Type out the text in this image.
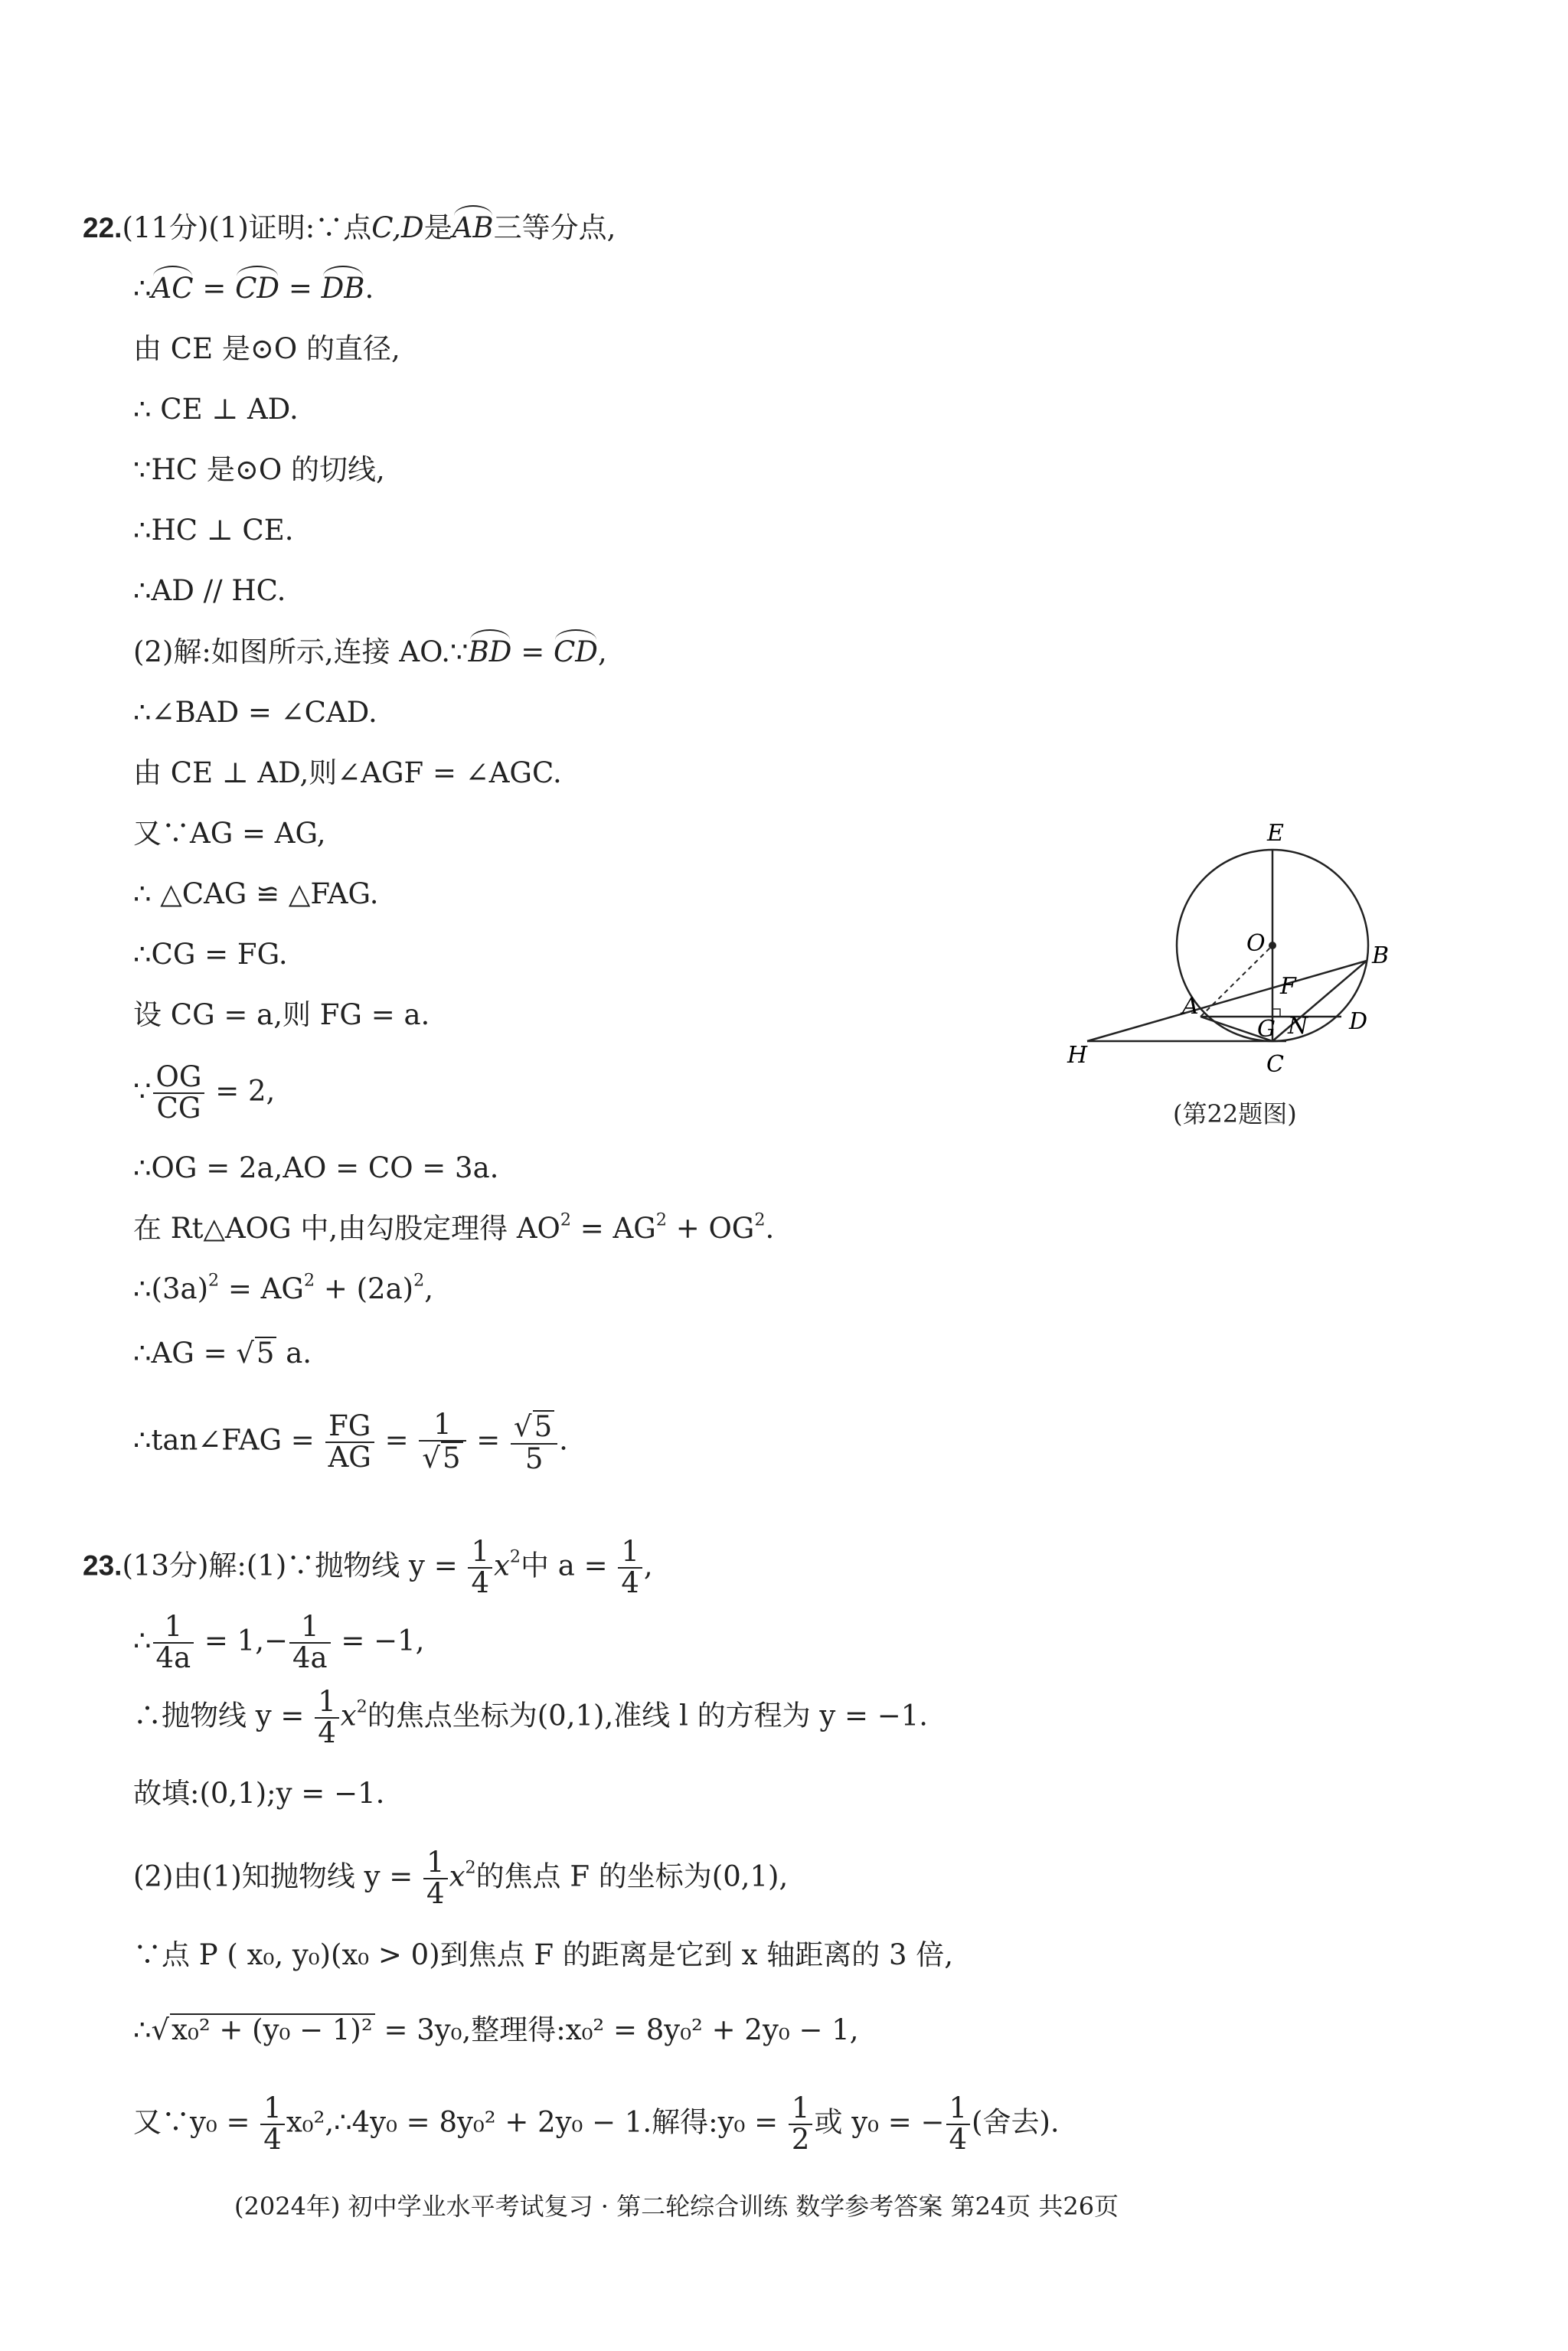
22.(11分)(1)证明:∵点C,D是AB三等分点,
∴AC = CD = DB.
由 CE 是⊙O 的直径,
∴ CE ⊥ AD.
∵HC 是⊙O 的切线,
∴HC ⊥ CE.
∴AD // HC.
(2)解:如图所示,连接 AO.∵BD = CD,
∴∠BAD = ∠CAD.
由 CE ⊥ AD,则∠AGF = ∠AGC.
又∵AG = AG,
∴ △CAG ≌ △FAG.
∴CG = FG.
设 CG = a,则 FG = a.
∵ $\frac{OG}{CG} = 2$,
∴OG = 2a,AO = CO = 3a.
在 Rt△AOG 中,由勾股定理得 $AO^2 = AG^2 + OG^2$.
$\therefore(3a)^2 = AG^2 + (2a)^2$,
∴AG = √5 a.
∴tan∠FAG = $\frac{FG}{AG} = \frac{1}{√5} = \frac{√5}{5}$ .
E
O	B
F
A
G N D
H	C
(第22题图)
23.(13分)解:(1)∵抛物线 $y = \frac{1}{4} x^2$中 $a = \frac{1}{4}$ ,
∴ $\frac{1}{4a} = 1,- \frac{1}{4a} = -1$,
∴抛物线 $y = \frac{1}{4} x^2$的焦点坐标为(0,1),准线 l 的方程为 y = −1.
故填:(0,1);y = −1.
(2)由(1)知抛物线 $y = \frac{1}{4} x^2$的焦点 F 的坐标为(0,1),
∵点 P ( x₀, y₀)(x₀ > 0)到焦点 F 的距离是它到 x 轴距离的 3 倍,
∴√x₀² + (y₀ − 1)² = 3y₀,整理得:x₀² = 8y₀² + 2y₀ − 1,
又∵y₀ = $\frac{1}{4}$ x₀²,∴4y₀ = 8y₀² + 2y₀ − 1.解得:y₀ = $\frac{1}{2}$ 或 y₀ = − $\frac{1}{4}$ (舍去).
(2024年) 初中学业水平考试复习 · 第二轮综合训练 数学参考答案 第24页 共26页
